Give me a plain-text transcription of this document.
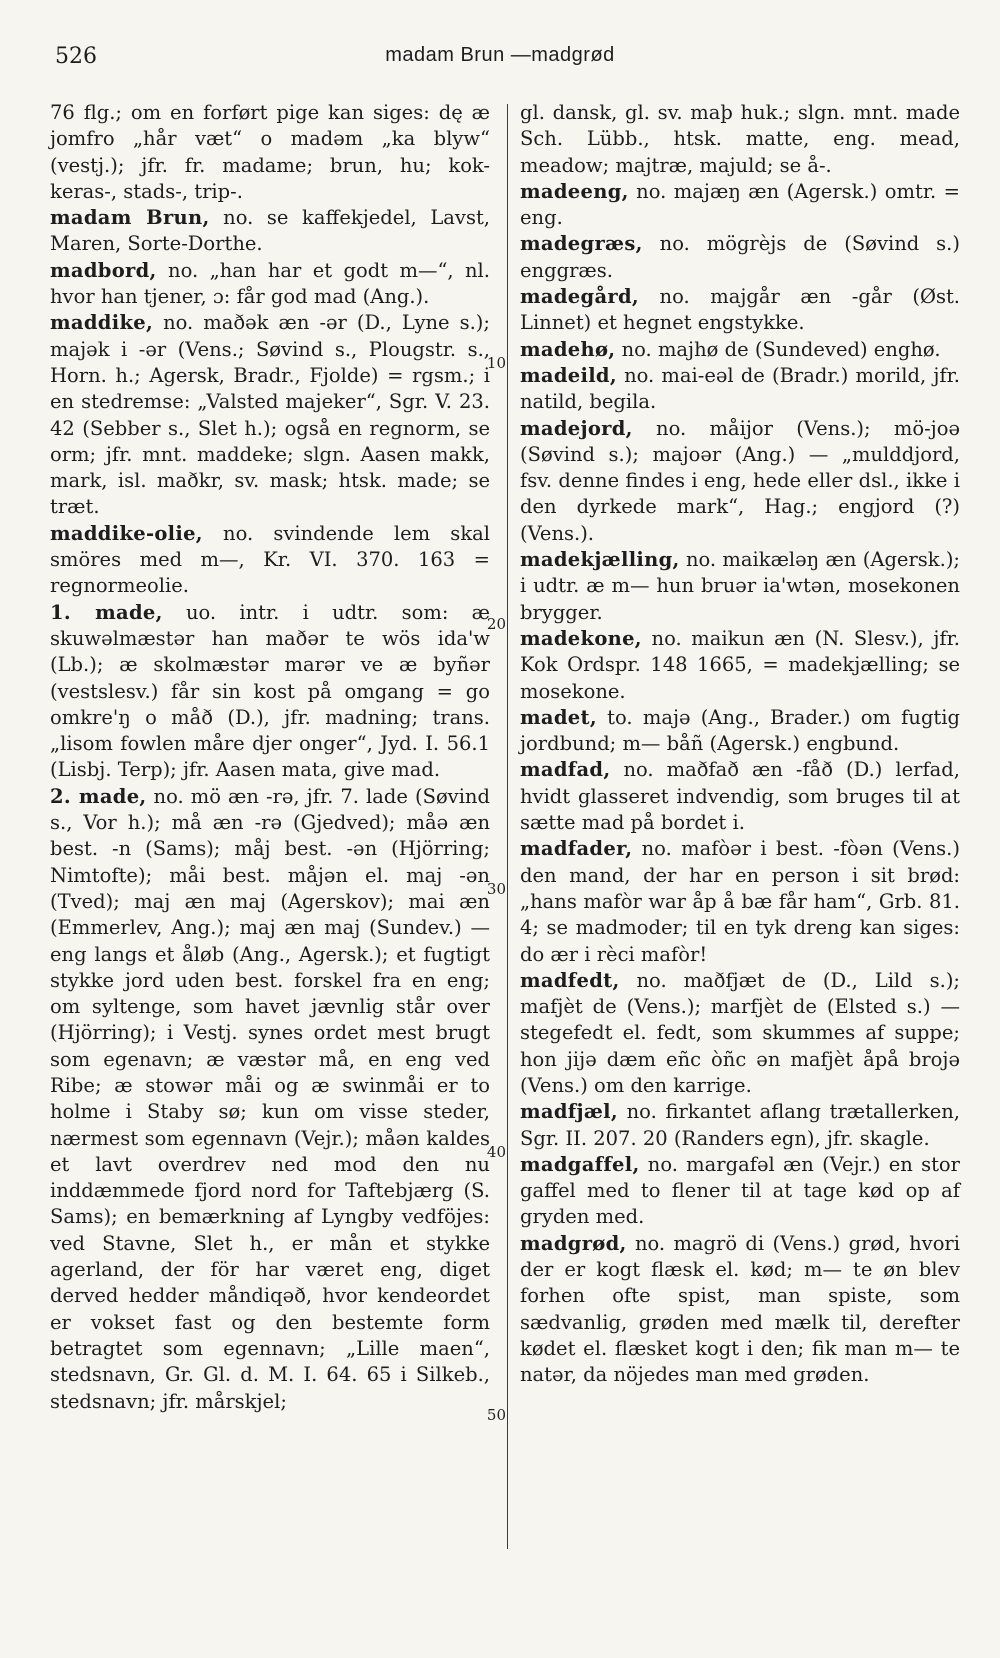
526	madam Brun —madgrød

76 flg.; om en forført pige kan siges: dę æ jomfro „hår væt“ o madəm „ka blyw“ (vestj.); jfr. fr. madame; brun, hu; kok-keras-, stads-, trip-.

madam Brun, no. se kaffekjedel, Lavst, Maren, Sorte-Dorthe.

madbord, no. „han har et godt m—“, nl. hvor han tjener, ɔ: får god mad (Ang.).

maddike, no. maðək æn -ər (D., Lyne s.); majək i -ər (Vens.; Søvind s., Plougstr. s., Horn. h.; Agersk, Bradr., Fjolde) = rgsm.; i en stedremse: „Valsted majeker“, Sgr. V. 23. 42 (Sebber s., Slet h.); også en regnorm, se orm; jfr. mnt. maddeke; slgn. Aasen makk, mark, isl. maðkr, sv. mask; htsk. made; se træt.

maddike-olie, no. svindende lem skal smöres med m—, Kr. VI. 370. 163 = regnormeolie.

1. made, uo. intr. i udtr. som: æ skuwəlmæstər han maðər te wös ida'w (Lb.); æ skolmæstər marər ve æ byñər (vestslesv.) får sin kost på omgang = go omkre'ŋ o måð (D.), jfr. madning; trans. „lisom fowlen måre djer onger“, Jyd. I. 56.1 (Lisbj. Terp); jfr. Aasen mata, give mad.

2. made, no. mö æn -rə, jfr. 7. lade (Søvind s., Vor h.); må æn -rə (Gjedved); måə æn best. -n (Sams); måj best. -ən (Hjörring; Nimtofte); måi best. måjən el. maj -ən (Tved); maj æn maj (Agerskov); mai æn (Emmerlev, Ang.); maj æn maj (Sundev.) — eng langs et åløb (Ang., Agersk.); et fugtigt stykke jord uden best. forskel fra en eng; om syltenge, som havet jævnlig står over (Hjörring); i Vestj. synes ordet mest brugt som egenavn; æ væstər må, en eng ved Ribe; æ stowər måi og æ swinmåi er to holme i Staby sø; kun om visse steder, nærmest som egennavn (Vejr.); måən kaldes et lavt overdrev ned mod den nu inddæmmede fjord nord for Taftebjærg (S. Sams); en bemærkning af Lyngby vedföjes: ved Stavne, Slet h., er mån et stykke agerland, der för har været eng, diget derved hedder måndiqəð, hvor kendeordet er vokset fast og den bestemte form betragtet som egennavn; „Lille maen“, stedsnavn, Gr. Gl. d. M. I. 64. 65 i Silkeb., stedsnavn; jfr. mårskjel;

10
20
30
40
50

gl. dansk, gl. sv. maþ huk.; slgn. mnt. made Sch. Lübb., htsk. matte, eng. mead, meadow; majtræ, majuld; se å-.

madeeng, no. majæŋ æn (Agersk.) omtr. = eng.

madegræs, no. mögrèjs de (Søvind s.) enggræs.

madegård, no. majgår æn -går (Øst. Linnet) et hegnet engstykke.

madehø, no. majhø de (Sundeved) enghø.

madeild, no. mai-eəl de (Bradr.) morild, jfr. natild, begila.

madejord, no. måijor (Vens.); mö-joə (Søvind s.); majoər (Ang.) — „mulddjord, fsv. denne findes i eng, hede eller dsl., ikke i den dyrkede mark“, Hag.; engjord (?) (Vens.).

madekjælling, no. maikæləŋ æn (Agersk.); i udtr. æ m— hun bruər ia'wtən, mosekonen brygger.

madekone, no. maikun æn (N. Slesv.), jfr. Kok Ordspr. 148 1665, = madekjælling; se mosekone.

madet, to. majə (Ang., Brader.) om fugtig jordbund; m— båñ (Agersk.) engbund.

madfad, no. maðfað æn -fåð (D.) lerfad, hvidt glasseret indvendig, som bruges til at sætte mad på bordet i.

madfader, no. mafòər i best. -fòən (Vens.) den mand, der har en person i sit brød: „hans mafòr war åp å bæ får ham“, Grb. 81. 4; se madmoder; til en tyk dreng kan siges: do ær i rèci mafòr!

madfedt, no. maðfjæt de (D., Lild s.); mafjèt de (Vens.); marfjèt de (Elsted s.) — stegefedt el. fedt, som skummes af suppe; hon jijə dæm eñc òñc ən mafjèt åpå brojə (Vens.) om den karrige.

madfjæl, no. firkantet aflang trætallerken, Sgr. II. 207. 20 (Randers egn), jfr. skagle.

madgaffel, no. margafəl æn (Vejr.) en stor gaffel med to flener til at tage kød op af gryden med.

madgrød, no. magrö di (Vens.) grød, hvori der er kogt flæsk el. kød; m— te øn blev forhen ofte spist, man spiste, som sædvanlig, grøden med mælk til, derefter kødet el. flæsket kogt i den; fik man m— te natər, da nöjedes man med grøden.
